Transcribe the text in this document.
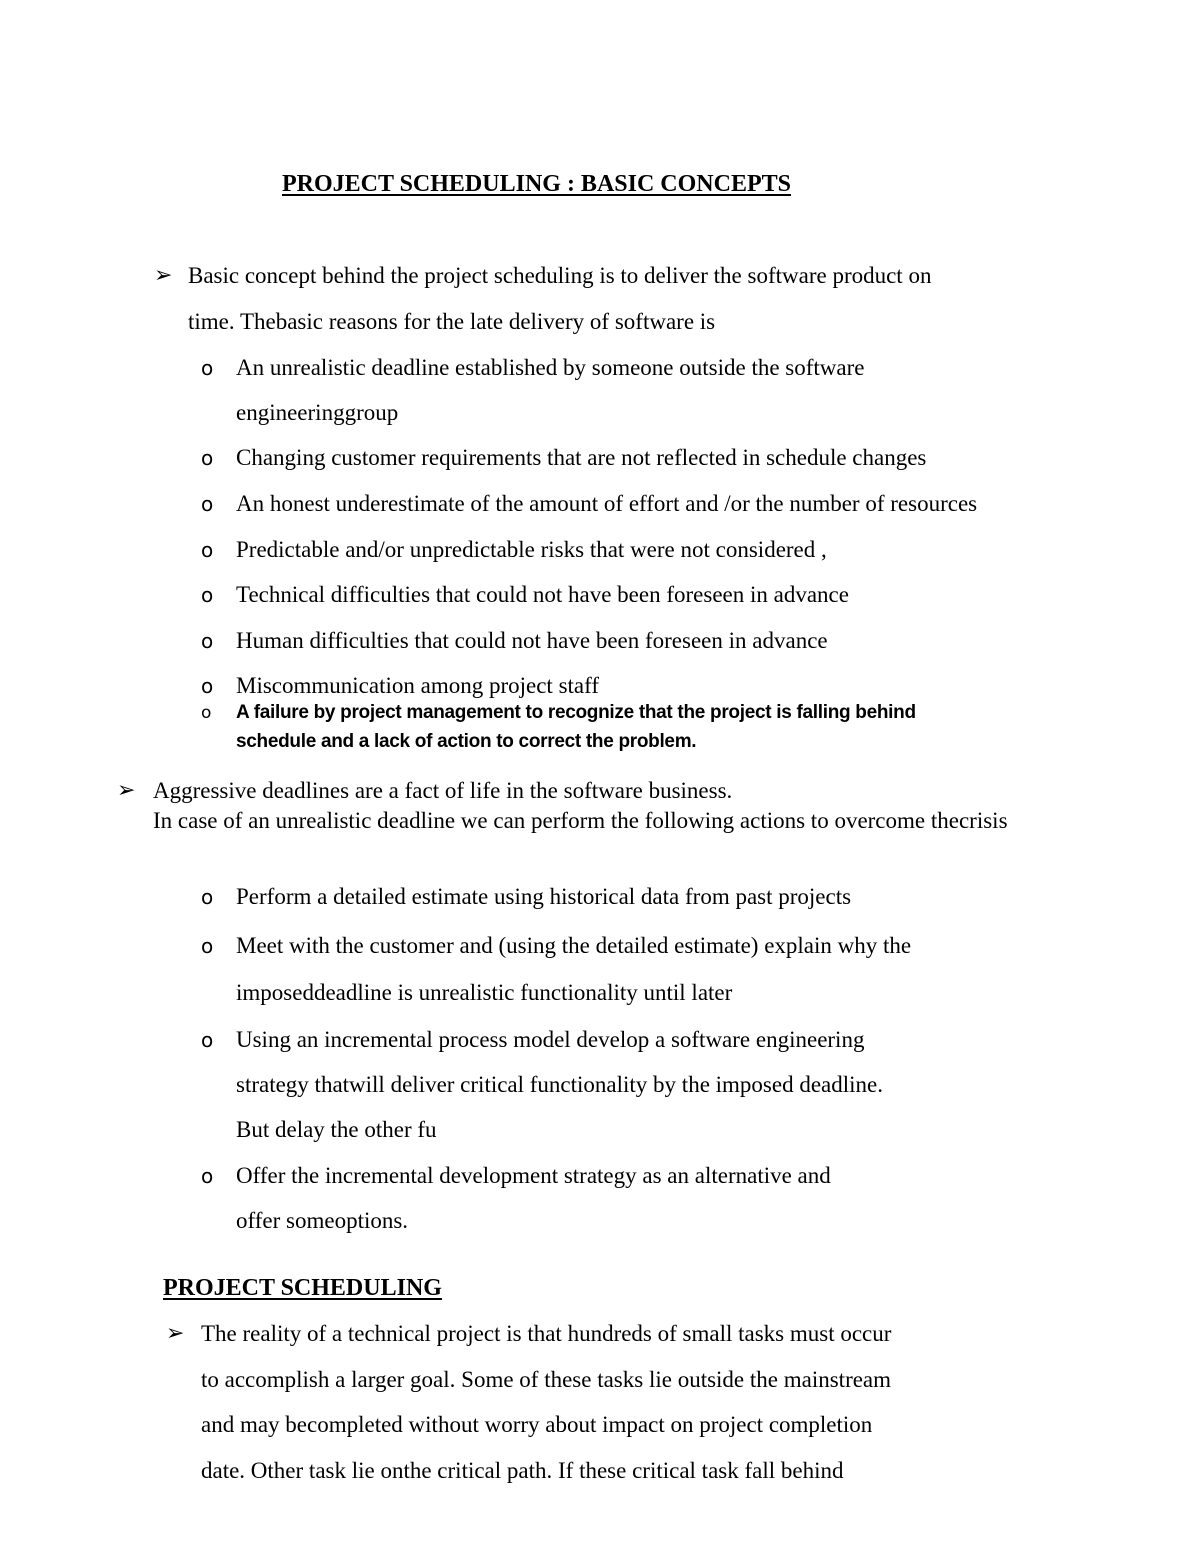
PROJECT SCHEDULING : BASIC CONCEPTS
➢ Basic concept behind the project scheduling is to deliver the software product on
time. Thebasic reasons for the late delivery of software is
o An unrealistic deadline established by someone outside the software
engineeringgroup
o Changing customer requirements that are not reflected in schedule changes
o An honest underestimate of the amount of effort and /or the number of resources
o Predictable and/or unpredictable risks that were not considered ,
o Technical difficulties that could not have been foreseen in advance
o Human difficulties that could not have been foreseen in advance
o Miscommunication among project staff
o A failure by project management to recognize that the project is falling behind
schedule and a lack of action to correct the problem.
➢ Aggressive deadlines are a fact of life in the software business.
In case of an unrealistic deadline we can perform the following actions to overcome thecrisis
o Perform a detailed estimate using historical data from past projects
o Meet with the customer and (using the detailed estimate) explain why the
imposeddeadline is unrealistic functionality until later
o Using an incremental process model develop a software engineering
strategy thatwill deliver critical functionality by the imposed deadline.
But delay the other fu
o Offer the incremental development strategy as an alternative and
offer someoptions.
PROJECT SCHEDULING
➢ The reality of a technical project is that hundreds of small tasks must occur
to accomplish a larger goal. Some of these tasks lie outside the mainstream
and may becompleted without worry about impact on project completion
date. Other task lie onthe critical path. If these critical task fall behind
